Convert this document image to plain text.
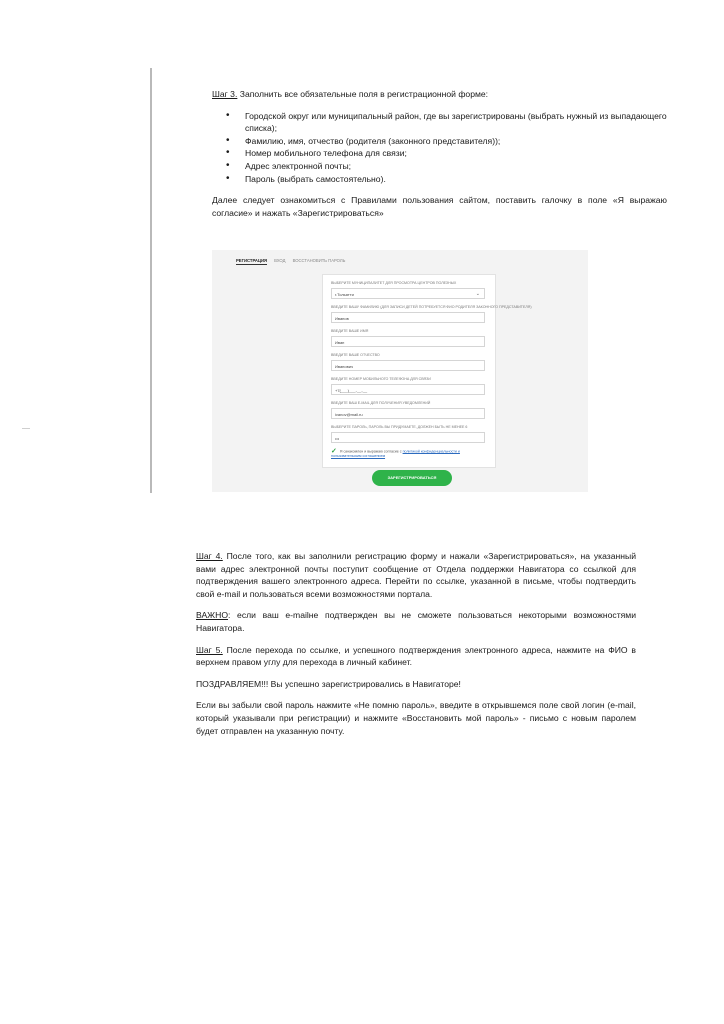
Шаг 3. Заполнить все обязательные поля в регистрационной форме:

• Городской округ или муниципальный район, где вы зарегистрированы (выбрать нужный из выпадающего списка);
• Фамилию, имя, отчество (родителя (законного представителя));
• Номер мобильного телефона для связи;
• Адрес электронной почты;
• Пароль (выбрать самостоятельно).

Далее следует ознакомиться с Правилами пользования сайтом, поставить галочку в поле «Я выражаю согласие» и нажать «Зарегистрироваться»

РЕГИСТРАЦИЯ ВХОД ВОССТАНОВИТЬ ПАРОЛЬ
ВЫБЕРИТЕ МУНИЦИПАЛИТЕТ ДЛЯ ПРОСМОТРА ЦЕНТРОВ ПОЛЕЗНЫХ
г.Тольятти	⌄
ВВЕДИТЕ ВАШУ ФАМИЛИЮ (ДЛЯ ЗАПИСИ ДЕТЕЙ ПОТРЕБУЕТСЯ ФИО РОДИТЕЛЯ ЗАКОННОГО ПРЕДСТАВИТЕЛЯ)
Иванов
ВВЕДИТЕ ВАШЕ ИМЯ
Иван
ВВЕДИТЕ ВАШЕ ОТЧЕСТВО
Иванович
ВВЕДИТЕ НОМЕР МОБИЛЬНОГО ТЕЛЕФОНА ДЛЯ СВЯЗИ
+7(___)___-__-__
ВВЕДИТЕ ВАШ E-MAIL ДЛЯ ПОЛУЧЕНИЯ УВЕДОМЛЕНИЙ
ivanov@mail.ru
ВЫБЕРИТЕ ПАРОЛЬ, ПАРОЛЬ ВЫ ПРИДУМАЕТЕ, ДОЛЖЕН БЫТЬ НЕ МЕНЕЕ 6
•••
✓ Я ознакомлен и выражаю согласие с политикой конфиденциальности и пользовательским соглашением
ЗАРЕГИСТРИРОВАТЬСЯ

Шаг 4. После того, как вы заполнили регистрацию форму и нажали «Зарегистрироваться», на указанный вами адрес электронной почты поступит сообщение от Отдела поддержки Навигатора со ссылкой для подтверждения вашего электронного адреса. Перейти по ссылке, указанной в письме, чтобы подтвердить свой e-mail и пользоваться всеми возможностями портала.

ВАЖНО: если ваш e-mailне подтвержден вы не сможете пользоваться некоторыми возможностями Навигатора.

Шаг 5. После перехода по ссылке, и успешного подтверждения электронного адреса, нажмите на ФИО в верхнем правом углу для перехода в личный кабинет.

ПОЗДРАВЛЯЕМ!!! Вы успешно зарегистрировались в Навигаторе!

Если вы забыли свой пароль нажмите «Не помню пароль», введите в открывшемся поле свой логин (e-mail, который указывали при регистрации) и нажмите «Восстановить мой пароль» - письмо с новым паролем будет отправлен на указанную почту.
